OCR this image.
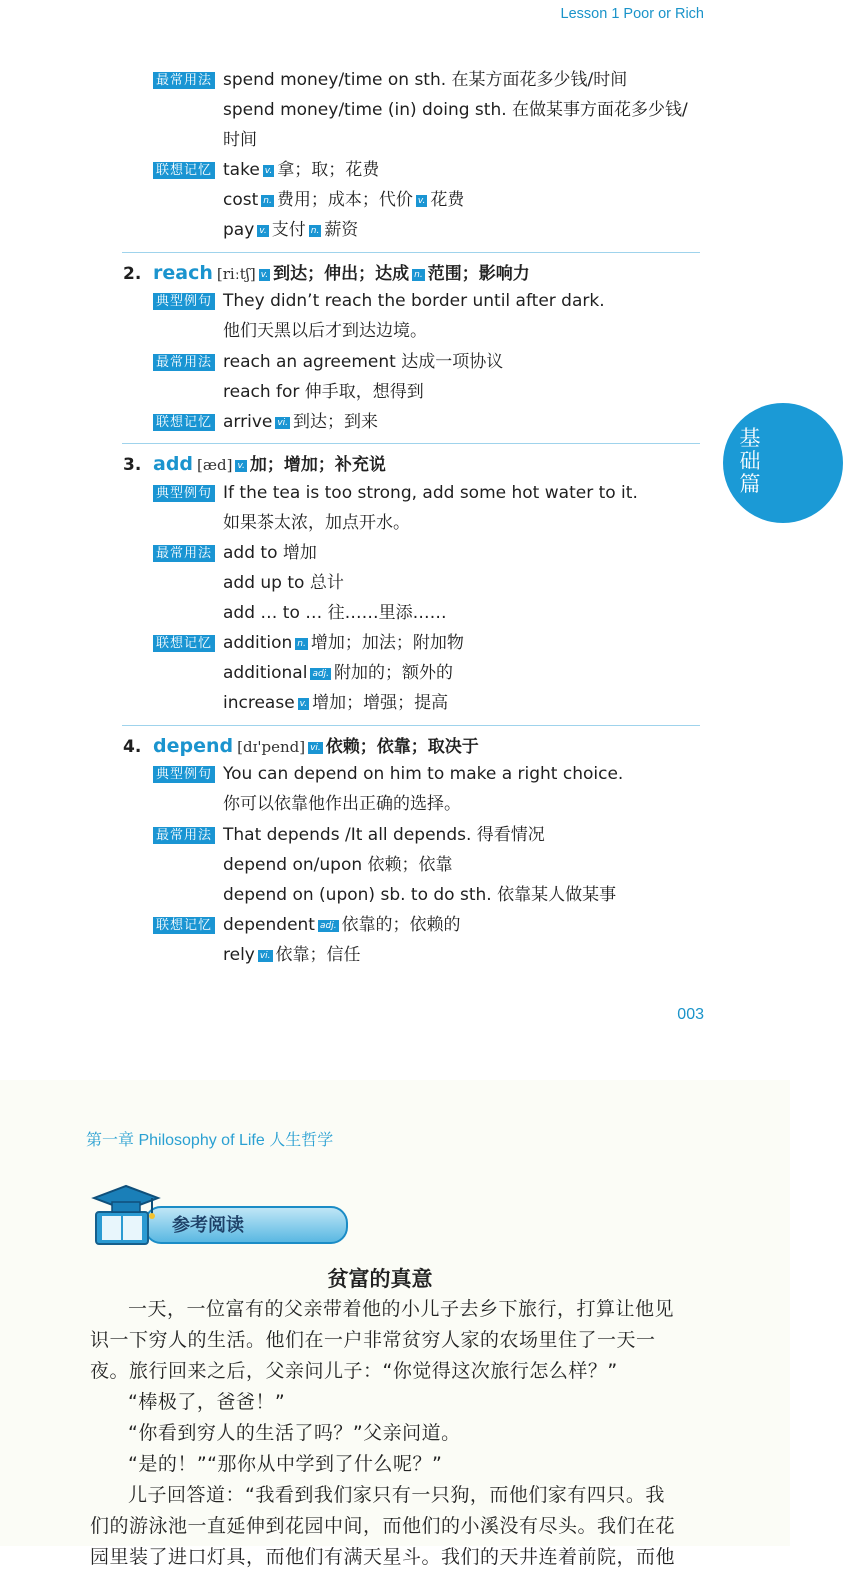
Lesson 1 Poor or Rich
基础篇
最常用法 spend money/time on sth. 在某方面花多少钱/时间
spend money/time (in) doing sth. 在做某事方面花多少钱/
时间
联想记忆 take v. 拿；取；花费
cost n. 费用；成本；代价 v. 花费
pay v. 支付 n. 薪资
2. reach [riːtʃ] v. 到达；伸出；达成 n. 范围；影响力
典型例句 They didn’t reach the border until after dark.
他们天黑以后才到达边境。
最常用法 reach an agreement 达成一项协议
reach for 伸手取，想得到
联想记忆 arrive vi. 到达；到来
3. add [æd] v. 加；增加；补充说
典型例句 If the tea is too strong, add some hot water to it.
如果茶太浓，加点开水。
最常用法 add to 增加
add up to 总计
add … to … 往……里添……
联想记忆 addition n. 增加；加法；附加物
additional adj. 附加的；额外的
increase v. 增加；增强；提高
4. depend [dɪ'pend] vi. 依赖；依靠；取决于
典型例句 You can depend on him to make a right choice.
你可以依靠他作出正确的选择。
最常用法 That depends /It all depends. 得看情况
depend on/upon 依赖；依靠
depend on (upon) sb. to do sth. 依靠某人做某事
联想记忆 dependent adj. 依靠的；依赖的
rely vi. 依靠；信任
003
第一章 Philosophy of Life 人生哲学
参考阅读
贫富的真意
一天，一位富有的父亲带着他的小儿子去乡下旅行，打算让他见识一下穷人的生活。他们在一户非常贫穷人家的农场里住了一天一夜。旅行回来之后，父亲问儿子：“你觉得这次旅行怎么样？”
“棒极了，爸爸！”
“你看到穷人的生活了吗？”父亲问道。
“是的！”“那你从中学到了什么呢？”
儿子回答道：“我看到我们家只有一只狗，而他们家有四只。我们的游泳池一直延伸到花园中间，而他们的小溪没有尽头。我们在花园里装了进口灯具，而他们有满天星斗。我们的天井连着前院，而他
